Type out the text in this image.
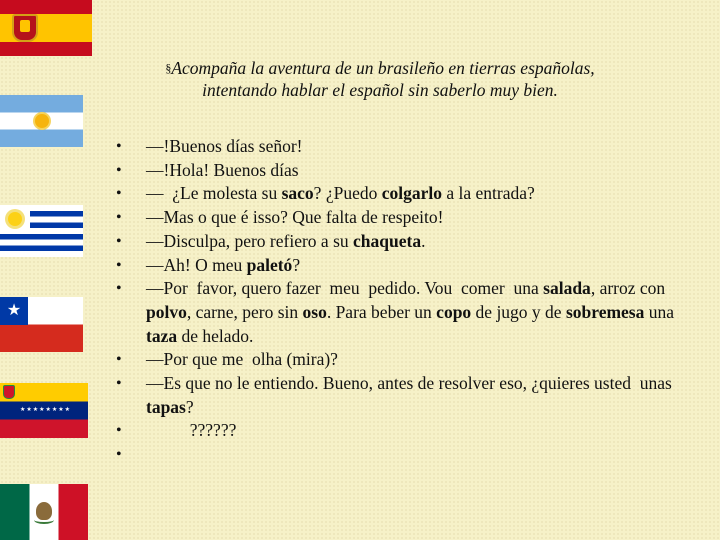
★
★★★★★★★★
§Acompaña la aventura de un brasileño en tierras españolas,
intentando hablar el español sin saberlo muy bien.
• —!Buenos días señor!
• —!Hola! Buenos días
• —  ¿Le molesta su saco? ¿Puedo colgarlo a la entrada?
• —Mas o que é isso? Que falta de respeito!
• —Disculpa, pero refiero a su chaqueta.
• —Ah! O meu paletó?
• —Por  favor, quero fazer  meu  pedido. Vou  comer  una salada, arroz con polvo, carne, pero sin oso. Para beber un copo de jugo y de sobremesa una taza de helado.
• —Por que me  olha (mira)?
• —Es que no le entiendo. Bueno, antes de resolver eso, ¿quieres usted  unas tapas?
•           ??????
•
